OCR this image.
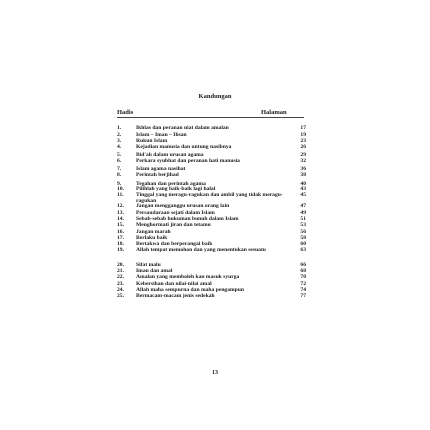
Kandungan
Hadis	Halaman
1.	Ikhlas dan peranan niat dalam amalan	17
2.	Islam – Iman – Ihsan	19
3.	Rukun Islam	23
4.	Kejadian manusia dan untung nasibnya	26
5.	Bid'ah dalam urusan agama	29
6.	Perkara syubhat dan peranan hati manusia	32
7.	Islam agama nasihat	36
8.	Perintah berjihad	38
9.	Tegahan dan perintah agama	40
10.	Pilihlah yang baik-baik lagi halal	43
11.	Tinggal yang meragu-ragukan dan ambil yang tidak meragu-ragukan
45
12.	Jangan mengganggu urusan orang lain	47
13.	Persaudaraan sejati dalam Islam	49
14.	Sebab-sebab hukuman bunuh dalam Islam	51
15.	Menghormati jiran dan tetamu	53
16.	Jangan marah	56
17.	Berlaku baik	58
18.	Bertakwa dan berperangai baik	60
19.	Allah tempat memohon dan yang menentukan sesuatu	63
20.	Sifat malu	66
21.	Iman dan amal	68
22.	Amalan yang memboleh kan masuk syurga	70
23.	Kebersihan dan nilai-nilai amal	72
24.	Allah maha sempurna dan maha pengampun	74
25.	Bermacam-macam jenis sedekah	77
13
